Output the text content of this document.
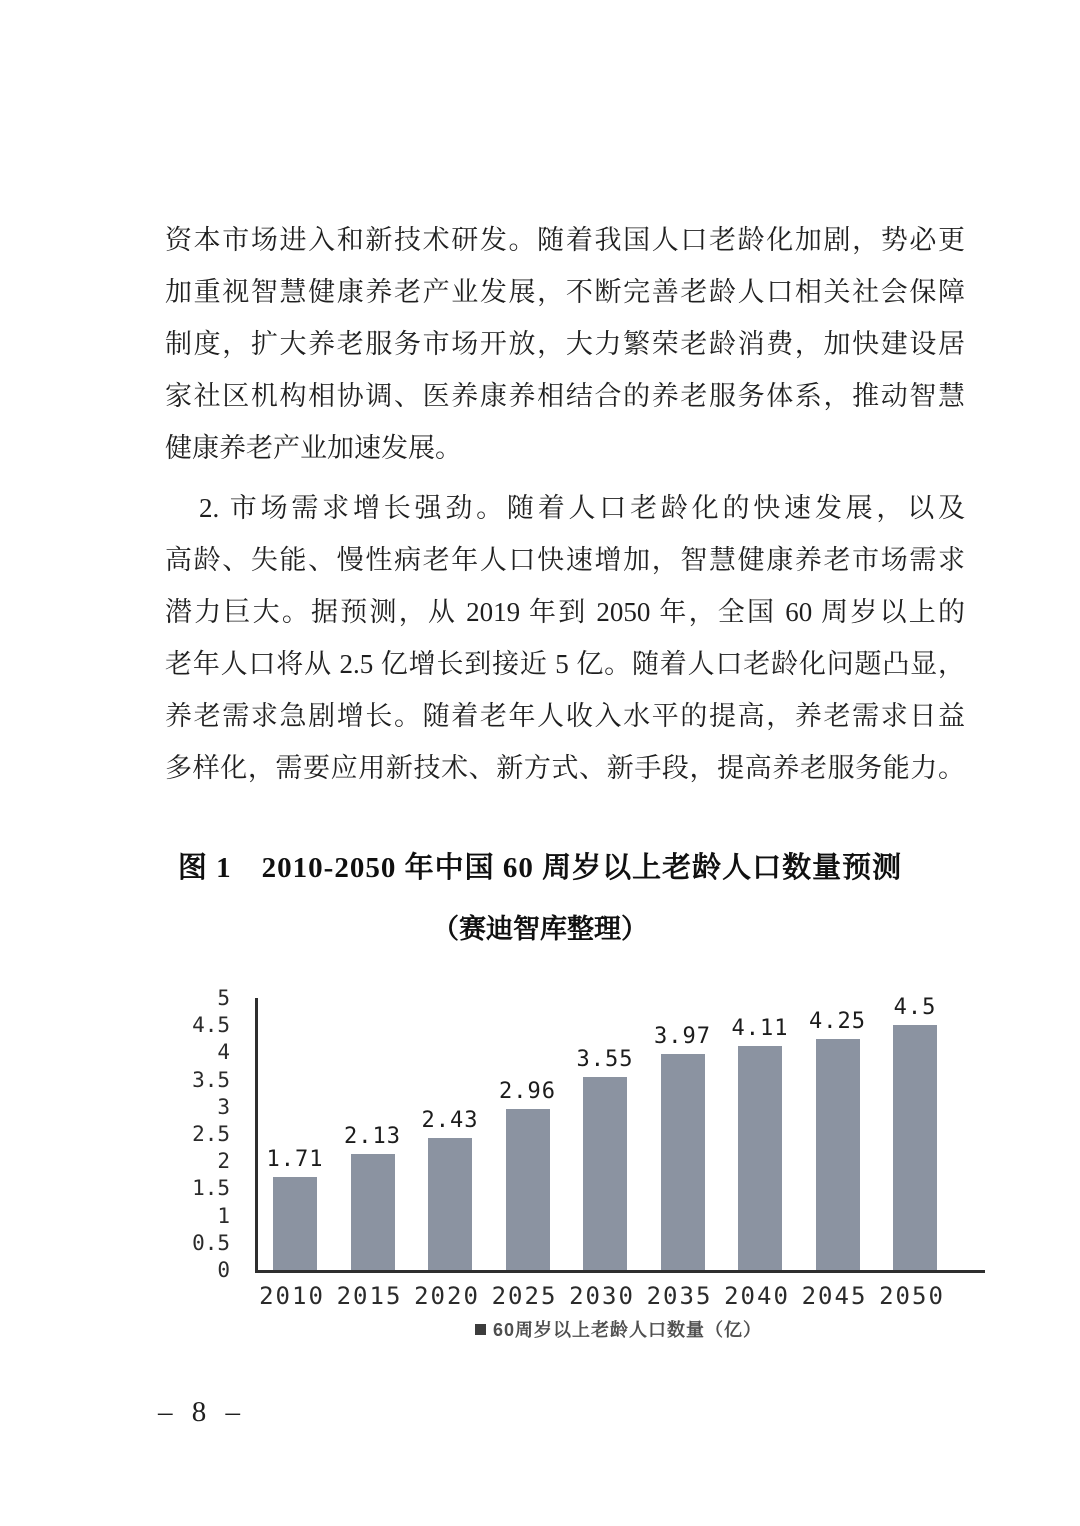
资本市场进入和新技术研发。随着我国人口老龄化加剧，势必更
加重视智慧健康养老产业发展，不断完善老龄人口相关社会保障
制度，扩大养老服务市场开放，大力繁荣老龄消费，加快建设居
家社区机构相协调、医养康养相结合的养老服务体系，推动智慧
健康养老产业加速发展。
2. 市场需求增长强劲。随着人口老龄化的快速发展，以及
高龄、失能、慢性病老年人口快速增加，智慧健康养老市场需求
潜力巨大。据预测，从 2019 年到 2050 年，全国 60 周岁以上的
老年人口将从 2.5 亿增长到接近 5 亿。随着人口老龄化问题凸显，
养老需求急剧增长。随着老年人收入水平的提高，养老需求日益
多样化，需要应用新技术、新方式、新手段，提高养老服务能力。
图 1　2010-2050 年中国 60 周岁以上老龄人口数量预测
（赛迪智库整理）
5
4.5
4
3.5
3
2.5
2
1.5
1
0.5
0
1.71
2.13
2.43
2.96
3.55
3.97 4.11 4.25
4.5
2010 2015 2020 2025 2030 2035 2040 2045 2050
60周岁以上老龄人口数量（亿）
– 8 –
